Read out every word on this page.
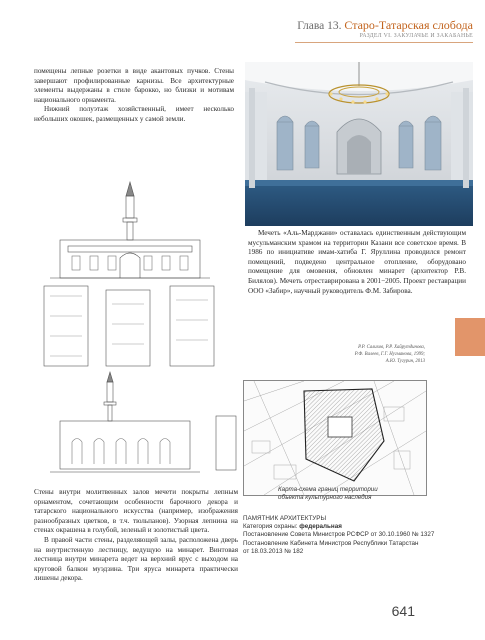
Глава 13. Старо-Татарская слобода
РАЗДЕЛ VI. ЗАКУЛАЧЬЕ И ЗАКАБАНЬЕ

помещены лепные розетки в виде акантовых пучков. Стены завершают профилированные карнизы. Все архитектурные элементы выдержаны в стиле барокко, но близки и мотивам национального орнамента.

Нижний полуэтаж хозяйственный, имеет несколько небольших окошек, размещенных у самой земли.

Мечеть «Аль-Марджани» оставалась единственным действующим мусульманским храмом на территории Казани все советское время. В 1986 по инициативе имам-хатиба Г. Яруллина проводился ремонт помещений, подведено центральное отопление, оборудовано помещение для омовения, обновлен минарет (архитектор Р.В. Билялов). Мечеть отреставрирована в 2001−2005. Проект реставрации ООО «Забир», научный руководитель Ф.М. Забирова.

Р.Р. Салихов, Р.Р. Хайрутдинова,
Р.Ф. Валеев, Г.Г. Нугманова, 1999;
А.Ю. Тугурин, 2013
Карта-схема границ территории
объекта культурного наследия

Стены внутри молитвенных залов мечети покрыты лепным орнаментом, сочетающим особенности барочного декора и татарского национального искусства (например, изображения разнообразных цветков, в т.ч. тюльпанов). Узорная лепнина на стенах окрашена в голубой, зеленый и золотистый цвета.

В правой части стены, разделяющей залы, расположена дверь на внутристенную лестницу, ведущую на минарет. Винтовая лестница внутри минарета ведет на верхний ярус с выходом на круговой балкон муэдзина. Три яруса минарета практически лишены декора.

ПАМЯТНИК АРХИТЕКТУРЫ
Категория охраны: федеральная
Постановление Совета Министров РСФСР от 30.10.1960 № 1327
Постановление Кабинета Министров Республики Татарстан
от 18.03.2013 № 182
641
